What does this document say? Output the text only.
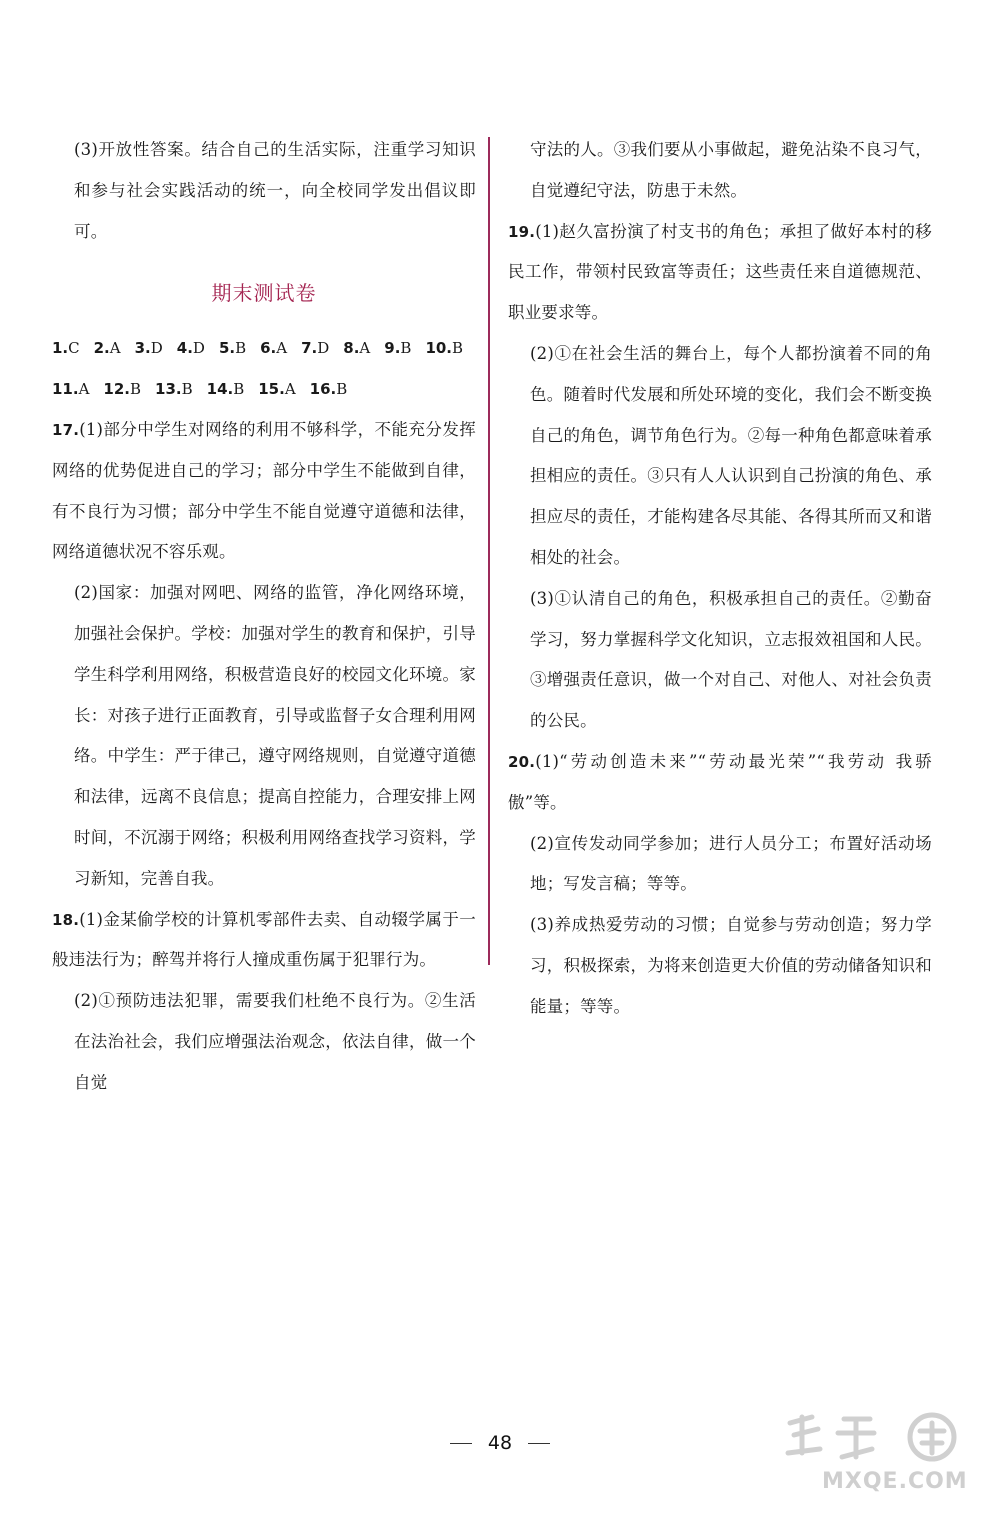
(3)开放性答案。结合自己的生活实际，注重学习知识和参与社会实践活动的统一，向全校同学发出倡议即可。

期末测试卷
1.C 2.A 3.D 4.D 5.B 6.A 7.D 8.A 9.B 10.B
11.A 12.B 13.B 14.B 15.A 16.B

17.(1)部分中学生对网络的利用不够科学，不能充分发挥网络的优势促进自己的学习；部分中学生不能做到自律，有不良行为习惯；部分中学生不能自觉遵守道德和法律，网络道德状况不容乐观。

(2)国家：加强对网吧、网络的监管，净化网络环境，加强社会保护。学校：加强对学生的教育和保护，引导学生科学利用网络，积极营造良好的校园文化环境。家长：对孩子进行正面教育，引导或监督子女合理利用网络。中学生：严于律己，遵守网络规则，自觉遵守道德和法律，远离不良信息；提高自控能力，合理安排上网时间，不沉溺于网络；积极利用网络查找学习资料，学习新知，完善自我。

18.(1)金某偷学校的计算机零部件去卖、自动辍学属于一般违法行为；醉驾并将行人撞成重伤属于犯罪行为。

(2)①预防违法犯罪，需要我们杜绝不良行为。②生活在法治社会，我们应增强法治观念，依法自律，做一个自觉

守法的人。③我们要从小事做起，避免沾染不良习气，自觉遵纪守法，防患于未然。

19.(1)赵久富扮演了村支书的角色；承担了做好本村的移民工作，带领村民致富等责任；这些责任来自道德规范、职业要求等。

(2)①在社会生活的舞台上，每个人都扮演着不同的角色。随着时代发展和所处环境的变化，我们会不断变换自己的角色，调节角色行为。②每一种角色都意味着承担相应的责任。③只有人人认识到自己扮演的角色、承担应尽的责任，才能构建各尽其能、各得其所而又和谐相处的社会。

(3)①认清自己的角色，积极承担自己的责任。②勤奋学习，努力掌握科学文化知识，立志报效祖国和人民。③增强责任意识，做一个对自己、对他人、对社会负责的公民。

20.(1)“劳动创造未来”“劳动最光荣”“我劳动 我骄傲”等。

(2)宣传发动同学参加；进行人员分工；布置好活动场地；写发言稿；等等。

(3)养成热爱劳动的习惯；自觉参与劳动创造；努力学习，积极探索，为将来创造更大价值的劳动储备知识和能量；等等。

48
MXQE.COM
